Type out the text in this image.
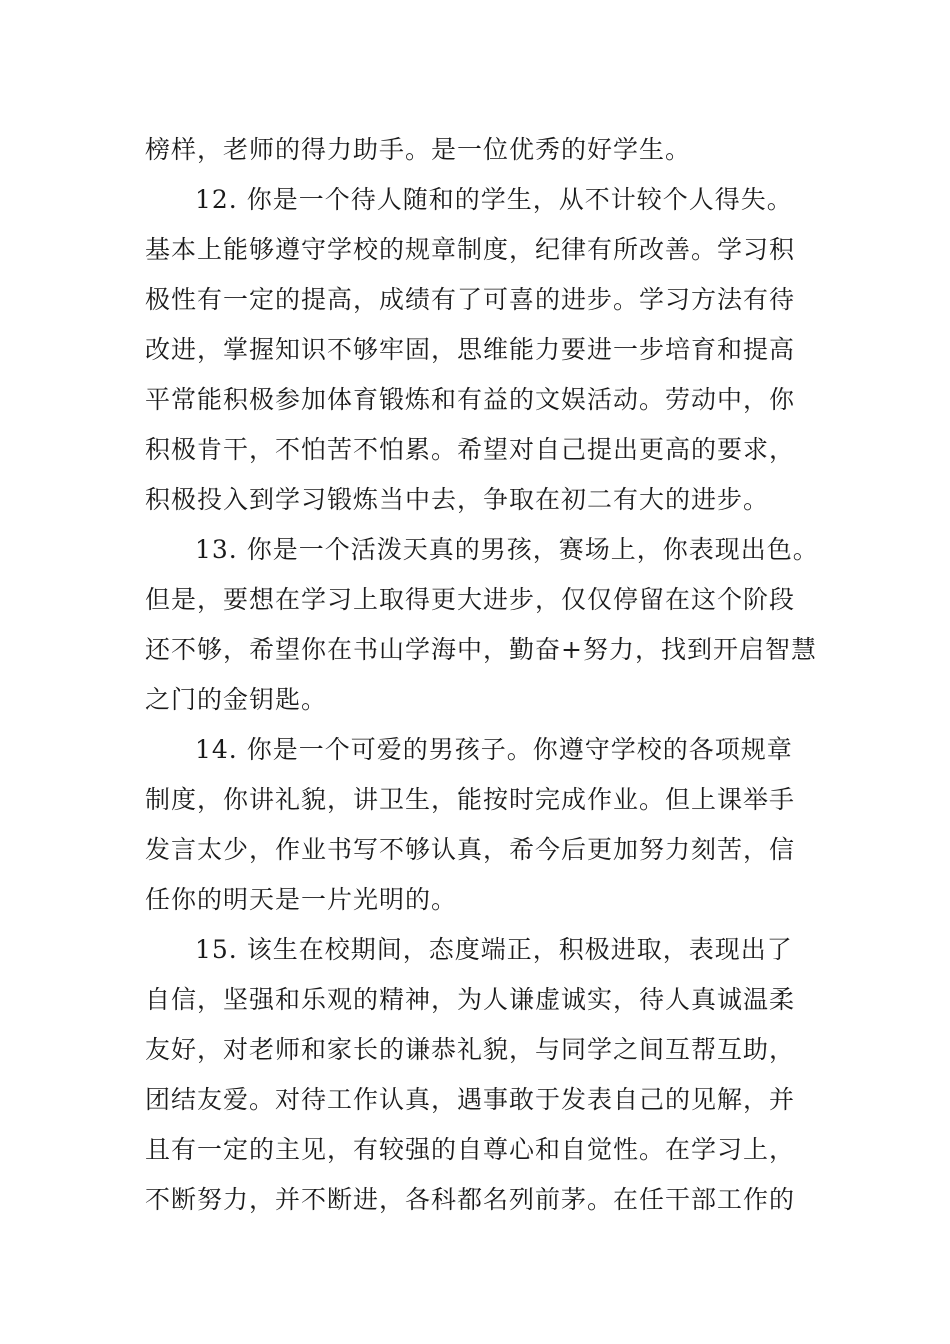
榜样，老师的得力助手。是一位优秀的好学生。
12. 你是一个待人随和的学生，从不计较个人得失。
基本上能够遵守学校的规章制度，纪律有所改善。学习积
极性有一定的提高，成绩有了可喜的进步。学习方法有待
改进，掌握知识不够牢固，思维能力要进一步培育和提高
平常能积极参加体育锻炼和有益的文娱活动。劳动中，你
积极肯干，不怕苦不怕累。希望对自己提出更高的要求，
积极投入到学习锻炼当中去，争取在初二有大的进步。
13. 你是一个活泼天真的男孩，赛场上，你表现出色。
但是，要想在学习上取得更大进步，仅仅停留在这个阶段
还不够，希望你在书山学海中，勤奋+努力，找到开启智慧
之门的金钥匙。
14. 你是一个可爱的男孩子。你遵守学校的各项规章
制度，你讲礼貌，讲卫生，能按时完成作业。但上课举手
发言太少，作业书写不够认真，希今后更加努力刻苦，信
任你的明天是一片光明的。
15. 该生在校期间，态度端正，积极进取，表现出了
自信，坚强和乐观的精神，为人谦虚诚实，待人真诚温柔
友好，对老师和家长的谦恭礼貌，与同学之间互帮互助，
团结友爱。对待工作认真，遇事敢于发表自己的见解，并
且有一定的主见，有较强的自尊心和自觉性。在学习上，
不断努力，并不断进，各科都名列前茅。在任干部工作的
